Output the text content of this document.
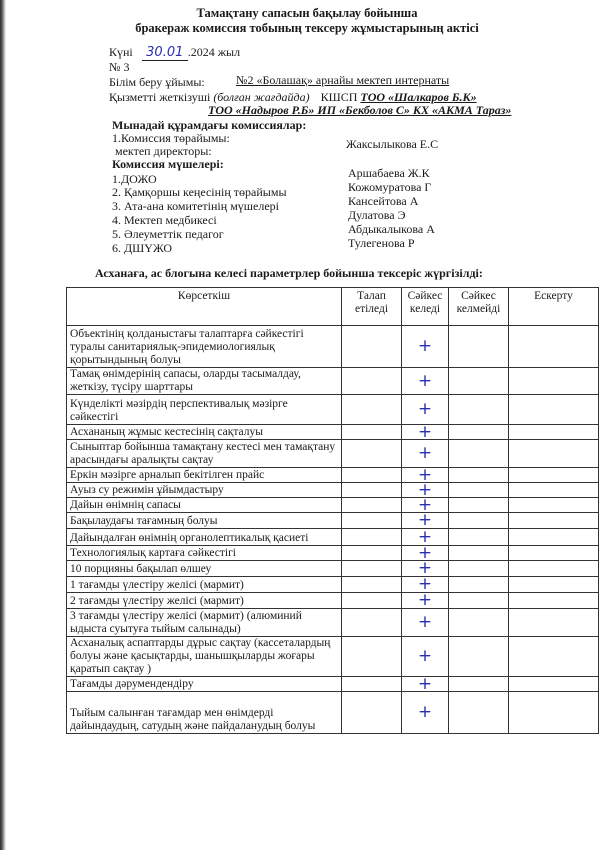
Тамақтану сапасын бақылау бойынша
бракераж комиссия тобының тексеру жұмыстарының актісі
Күні 30.01 .2024 жыл
№ 3
Білім беру ұйымы:	№2 «Болашақ» арнайы мектеп интернаты
Қызметті жеткізуші (болған жағдайда) КШСП ТОО «Шалкаров Б.К»
ТОО «Надыров Р.Б» ИП «Бекболов С» КХ «АКМА Тараз»
Мынадай құрамдағы комиссиялар:
1.Комиссия төрайымы:
мектеп директоры:	Жаксылыкова Е.С
Комиссия мүшелері:
1.ДОЖО	Аршабаева Ж.К
2. Қамқоршы кеңесінің төрайымы	Кожомуратова Г
3. Ата-ана комитетінің мүшелері	Кансейтова А
4. Мектеп медбикесі	Дулатова Э
5. Әлеуметтік педагог	Абдыкалыкова А
6. ДШҮЖО	Тулегенова Р
Асханаға, ас блогына келесі параметрлер бойынша тексеріс жүргізілді:
Көрсеткіш	Талап етіледі	Сәйкес келеді	Сәйкес келмейді	Ескерту
Объектінің қолданыстағы талаптарға сәйкестігі туралы санитариялық-эпидемиологиялық қорытындының болуы		+		
Тамақ өнімдерінің сапасы, оларды тасымалдау, жеткізу, түсіру шарттары		+		
Күнделікті мәзірдің перспективалық мәзірге сәйкестігі		+		
Асхананың жұмыс кестесінің сақталуы		+		
Сыныптар бойынша тамақтану кестесі мен тамақтану арасындағы аралықты сақтау		+		
Еркін мәзірге арналып бекітілген прайс		+		
Ауыз су режимін ұйымдастыру		+		
Дайын өнімнің сапасы		+		
Бақылаудағы тағамның болуы		+		
Дайындалған өнімнің органолептикалық қасиеті		+		
Технологиялық картаға сәйкестігі		+		
10 порцияны бақылап өлшеу		+		
1 тағамды үлестіру желісі (мармит)		+		
2 тағамды үлестіру желісі (мармит)		+		
3 тағамды үлестіру желісі (мармит) (алюминий ыдыста суытуға тыйым салынады)		+		
Асханалық аспаптарды дұрыс сақтау (кассеталардың болуы және қасықтарды, шанышқыларды жоғары қаратып сақтау )		+		
Тағамды дәрумендендіру		+		
Тыйым салынған тағамдар мен өнімдерді дайындаудың, сатудың және пайдаланудың болуы		+		
